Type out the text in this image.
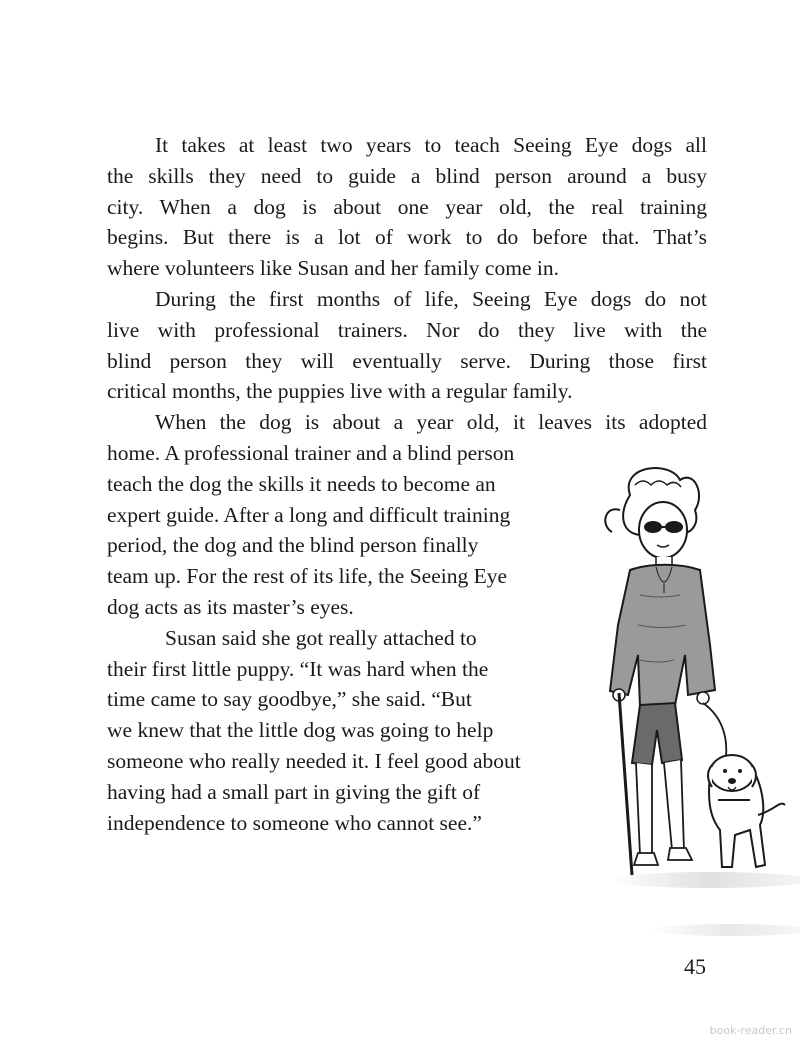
It takes at least two years to teach Seeing Eye dogs all
the skills they need to guide a blind person around a busy
city. When a dog is about one year old, the real training
begins. But there is a lot of work to do before that. That’s
where volunteers like Susan and her family come in.
During the first months of life, Seeing Eye dogs do not
live with professional trainers. Nor do they live with the
blind person they will eventually serve. During those first
critical months, the puppies live with a regular family.
When the dog is about a year old, it leaves its adopted
home. A professional trainer and a blind person
teach the dog the skills it needs to become an
expert guide. After a long and difficult training
period, the dog and the blind person finally
team up. For the rest of its life, the Seeing Eye
dog acts as its master’s eyes.
Susan said she got really attached to
their first little puppy. “It was hard when the
time came to say goodbye,” she said. “But
we knew that the little dog was going to help
someone who really needed it. I feel good about
having had a small part in giving the gift of
independence to someone who cannot see.”
45
book-reader.cn
